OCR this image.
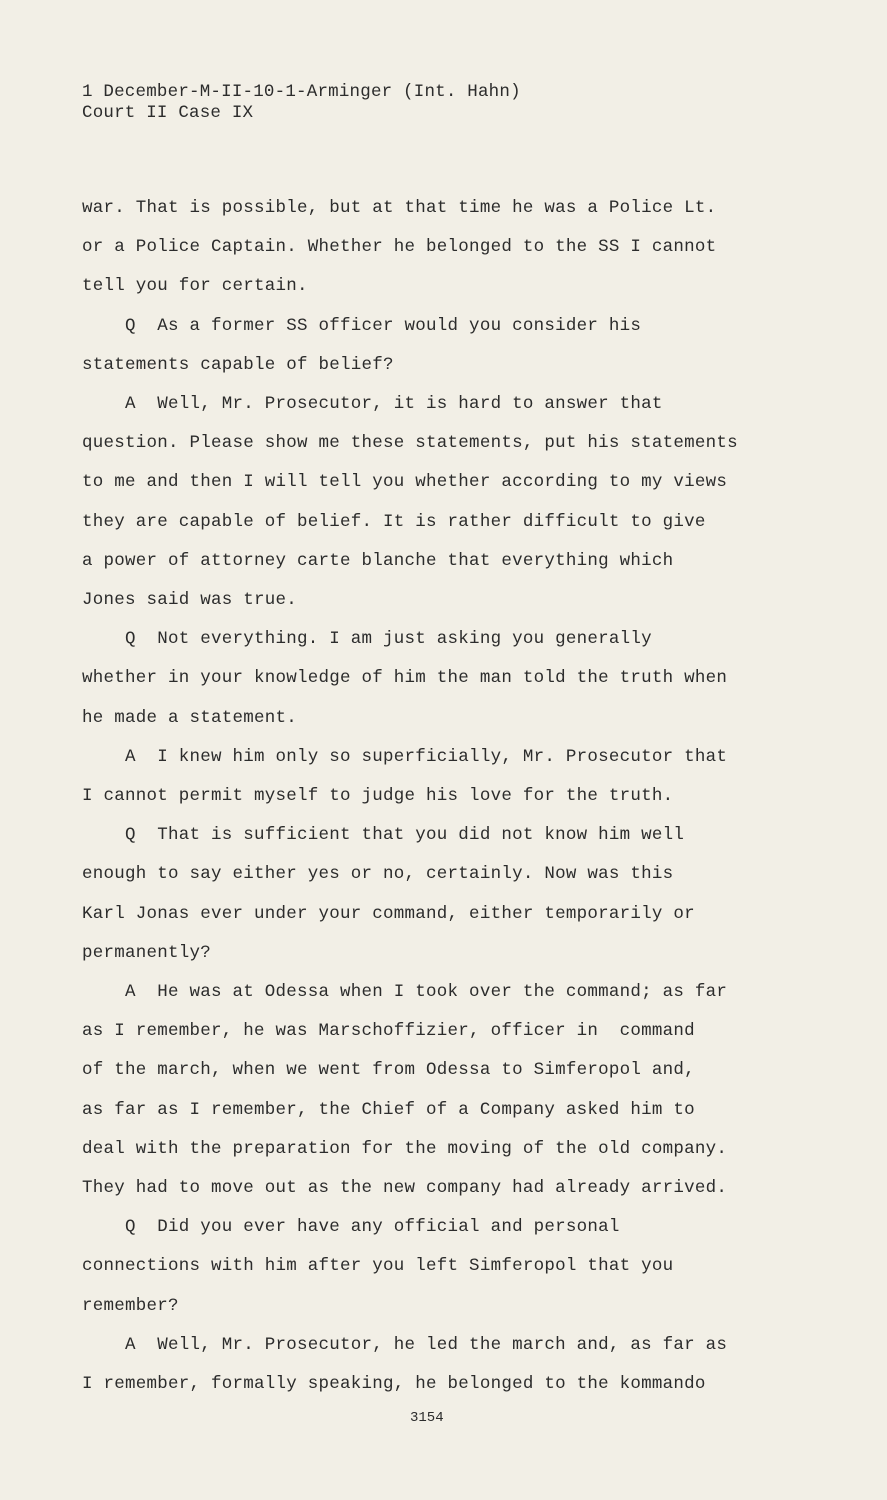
1 December-M-II-10-1-Arminger (Int. Hahn)
Court II Case IX
war. That is possible, but at that time he was a Police Lt.
or a Police Captain. Whether he belonged to the SS I cannot
tell you for certain.
Q  As a former SS officer would you consider his
statements capable of belief?
A  Well, Mr. Prosecutor, it is hard to answer that
question. Please show me these statements, put his statements
to me and then I will tell you whether according to my views
they are capable of belief. It is rather difficult to give
a power of attorney carte blanche that everything which
Jones said was true.
Q  Not everything. I am just asking you generally
whether in your knowledge of him the man told the truth when
he made a statement.
A  I knew him only so superficially, Mr. Prosecutor that
I cannot permit myself to judge his love for the truth.
Q  That is sufficient that you did not know him well
enough to say either yes or no, certainly. Now was this
Karl Jonas ever under your command, either temporarily or
permanently?
A  He was at Odessa when I took over the command; as far
as I remember, he was Marschoffizier, officer in  command
of the march, when we went from Odessa to Simferopol and,
as far as I remember, the Chief of a Company asked him to
deal with the preparation for the moving of the old company.
They had to move out as the new company had already arrived.
Q  Did you ever have any official and personal
connections with him after you left Simferopol that you
remember?
A  Well, Mr. Prosecutor, he led the march and, as far as
I remember, formally speaking, he belonged to the kommando
3154
